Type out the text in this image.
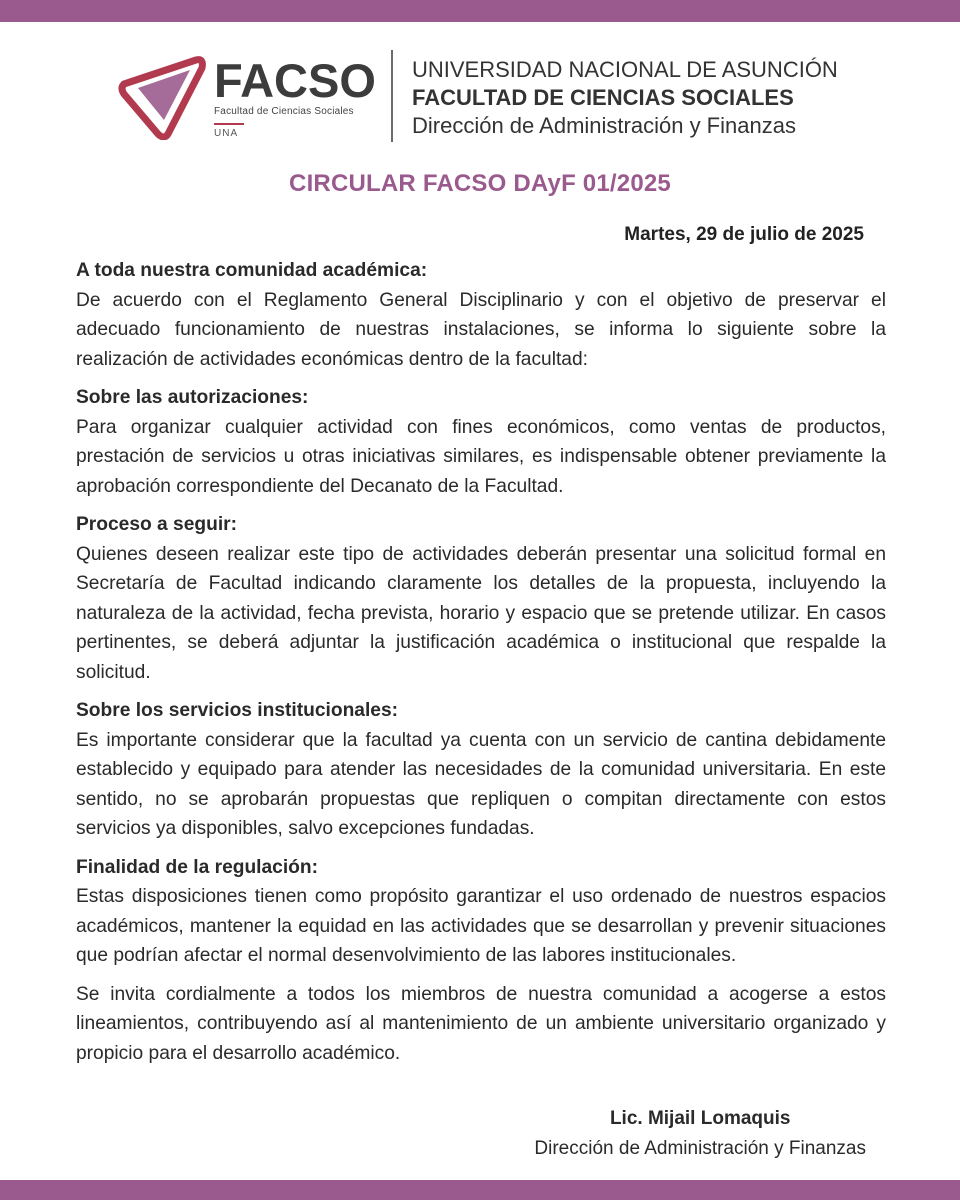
FACSO
Facultad de Ciencias Sociales
UNA
UNIVERSIDAD NACIONAL DE ASUNCIÓN
FACULTAD DE CIENCIAS SOCIALES
Dirección de Administración y Finanzas
CIRCULAR FACSO DAyF 01/2025
Martes, 29 de julio de 2025
A toda nuestra comunidad académica:

De acuerdo con el Reglamento General Disciplinario y con el objetivo de preservar el adecuado funcionamiento de nuestras instalaciones, se informa lo siguiente sobre la realización de actividades económicas dentro de la facultad:

Sobre las autorizaciones:

Para organizar cualquier actividad con fines económicos, como ventas de productos, prestación de servicios u otras iniciativas similares, es indispensable obtener previamente la aprobación correspondiente del Decanato de la Facultad.

Proceso a seguir:

Quienes deseen realizar este tipo de actividades deberán presentar una solicitud formal en Secretaría de Facultad indicando claramente los detalles de la propuesta, incluyendo la naturaleza de la actividad, fecha prevista, horario y espacio que se pretende utilizar. En casos pertinentes, se deberá adjuntar la justificación académica o institucional que respalde la solicitud.

Sobre los servicios institucionales:

Es importante considerar que la facultad ya cuenta con un servicio de cantina debidamente establecido y equipado para atender las necesidades de la comunidad universitaria. En este sentido, no se aprobarán propuestas que repliquen o compitan directamente con estos servicios ya disponibles, salvo excepciones fundadas.

Finalidad de la regulación:

Estas disposiciones tienen como propósito garantizar el uso ordenado de nuestros espacios académicos, mantener la equidad en las actividades que se desarrollan y prevenir situaciones que podrían afectar el normal desenvolvimiento de las labores institucionales.

Se invita cordialmente a todos los miembros de nuestra comunidad a acogerse a estos lineamientos, contribuyendo así al mantenimiento de un ambiente universitario organizado y propicio para el desarrollo académico.

Lic. Mijail Lomaquis
Dirección de Administración y Finanzas
